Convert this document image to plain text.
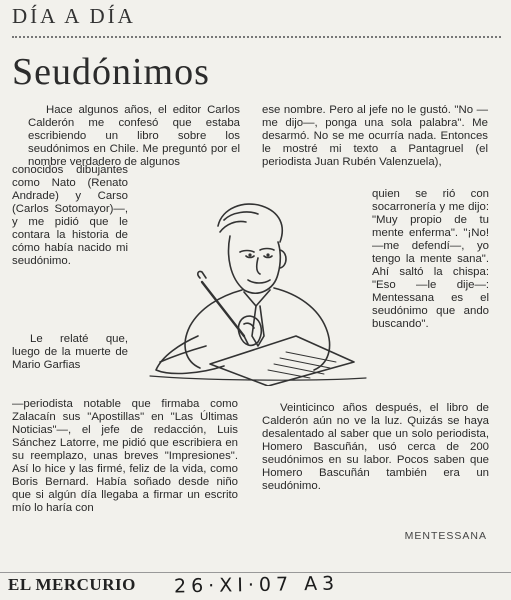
DÍA A DÍA
Seudónimos

Hace algunos años, el editor Carlos Calderón me confesó que estaba escribiendo un libro sobre los seudónimos en Chile. Me preguntó por el nombre verdadero de algunos

conocidos dibujantes como Nato (Renato Andrade) y Carso (Carlos Sotomayor)—, y me pidió que le contara la historia de cómo había nacido mi seudónimo.

Le relaté que, luego de la muerte de Mario Garfias

—periodista notable que firmaba como Zalacaín sus "Apostillas" en "Las Últimas Noticias"—, el jefe de redacción, Luis Sánchez Latorre, me pidió que escribiera en su reemplazo, unas breves "Impresiones". Así lo hice y las firmé, feliz de la vida, como Boris Bernard. Había soñado desde niño que si algún día llegaba a firmar un escrito mío lo haría con

ese nombre. Pero al jefe no le gustó. "No —me dijo—, ponga una sola palabra". Me desarmó. No se me ocurría nada. Entonces le mostré mi texto a Pantagruel (el periodista Juan Rubén Valenzuela),

quien se rió con socarronería y me dijo: "Muy propio de tu mente enferma". "¡No! —me defendí—, yo tengo la mente sana". Ahí saltó la chispa: "Eso —le dije—: Mentessana es el seudónimo que ando buscando".

Veinticinco años después, el libro de Calderón aún no ve la luz. Quizás se haya desalentado al saber que un solo periodista, Homero Bascuñán, usó cerca de 200 seudónimos en su labor. Pocos saben que Homero Bascuñán también era un seudónimo.

MENTESSANA
EL MERCURIO 26·XI·07 A3
